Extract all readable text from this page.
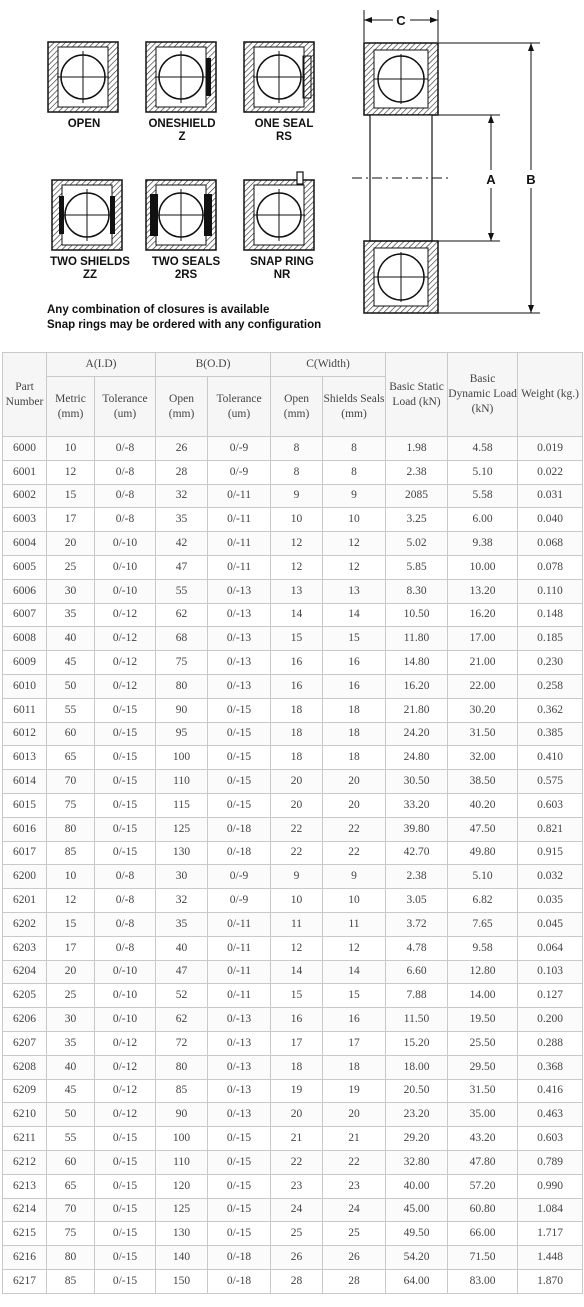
OPEN	ONESHIELD
Z
ONE SEAL
RS
TWO SHIELDS
ZZ
TWO SEALS
2RS
SNAP RING
NR
Any combination of closures is available
Snap rings may be ordered with any configuration
C
A B
Part Number	A(I.D)		B(O.D)		C(Width)		Basic Static Load (kN)	Basic Dynamic Load (kN)	Weight (kg.)
	Metric (mm)	Tolerance (um)	Open (mm)	Tolerance (um)	Open (mm)	Shields Seals (mm)			
6000	10	0/-8	26	0/-9	8	8	1.98	4.58	0.019
6001	12	0/-8	28	0/-9	8	8	2.38	5.10	0.022
6002	15	0/-8	32	0/-11	9	9	2085	5.58	0.031
6003	17	0/-8	35	0/-11	10	10	3.25	6.00	0.040
6004	20	0/-10	42	0/-11	12	12	5.02	9.38	0.068
6005	25	0/-10	47	0/-11	12	12	5.85	10.00	0.078
6006	30	0/-10	55	0/-13	13	13	8.30	13.20	0.110
6007	35	0/-12	62	0/-13	14	14	10.50	16.20	0.148
6008	40	0/-12	68	0/-13	15	15	11.80	17.00	0.185
6009	45	0/-12	75	0/-13	16	16	14.80	21.00	0.230
6010	50	0/-12	80	0/-13	16	16	16.20	22.00	0.258
6011	55	0/-15	90	0/-15	18	18	21.80	30.20	0.362
6012	60	0/-15	95	0/-15	18	18	24.20	31.50	0.385
6013	65	0/-15	100	0/-15	18	18	24.80	32.00	0.410
6014	70	0/-15	110	0/-15	20	20	30.50	38.50	0.575
6015	75	0/-15	115	0/-15	20	20	33.20	40.20	0.603
6016	80	0/-15	125	0/-18	22	22	39.80	47.50	0.821
6017	85	0/-15	130	0/-18	22	22	42.70	49.80	0.915
6200	10	0/-8	30	0/-9	9	9	2.38	5.10	0.032
6201	12	0/-8	32	0/-9	10	10	3.05	6.82	0.035
6202	15	0/-8	35	0/-11	11	11	3.72	7.65	0.045
6203	17	0/-8	40	0/-11	12	12	4.78	9.58	0.064
6204	20	0/-10	47	0/-11	14	14	6.60	12.80	0.103
6205	25	0/-10	52	0/-11	15	15	7.88	14.00	0.127
6206	30	0/-10	62	0/-13	16	16	11.50	19.50	0.200
6207	35	0/-12	72	0/-13	17	17	15.20	25.50	0.288
6208	40	0/-12	80	0/-13	18	18	18.00	29.50	0.368
6209	45	0/-12	85	0/-13	19	19	20.50	31.50	0.416
6210	50	0/-12	90	0/-13	20	20	23.20	35.00	0.463
6211	55	0/-15	100	0/-15	21	21	29.20	43.20	0.603
6212	60	0/-15	110	0/-15	22	22	32.80	47.80	0.789
6213	65	0/-15	120	0/-15	23	23	40.00	57.20	0.990
6214	70	0/-15	125	0/-15	24	24	45.00	60.80	1.084
6215	75	0/-15	130	0/-15	25	25	49.50	66.00	1.717
6216	80	0/-15	140	0/-18	26	26	54.20	71.50	1.448
6217	85	0/-15	150	0/-18	28	28	64.00	83.00	1.870
